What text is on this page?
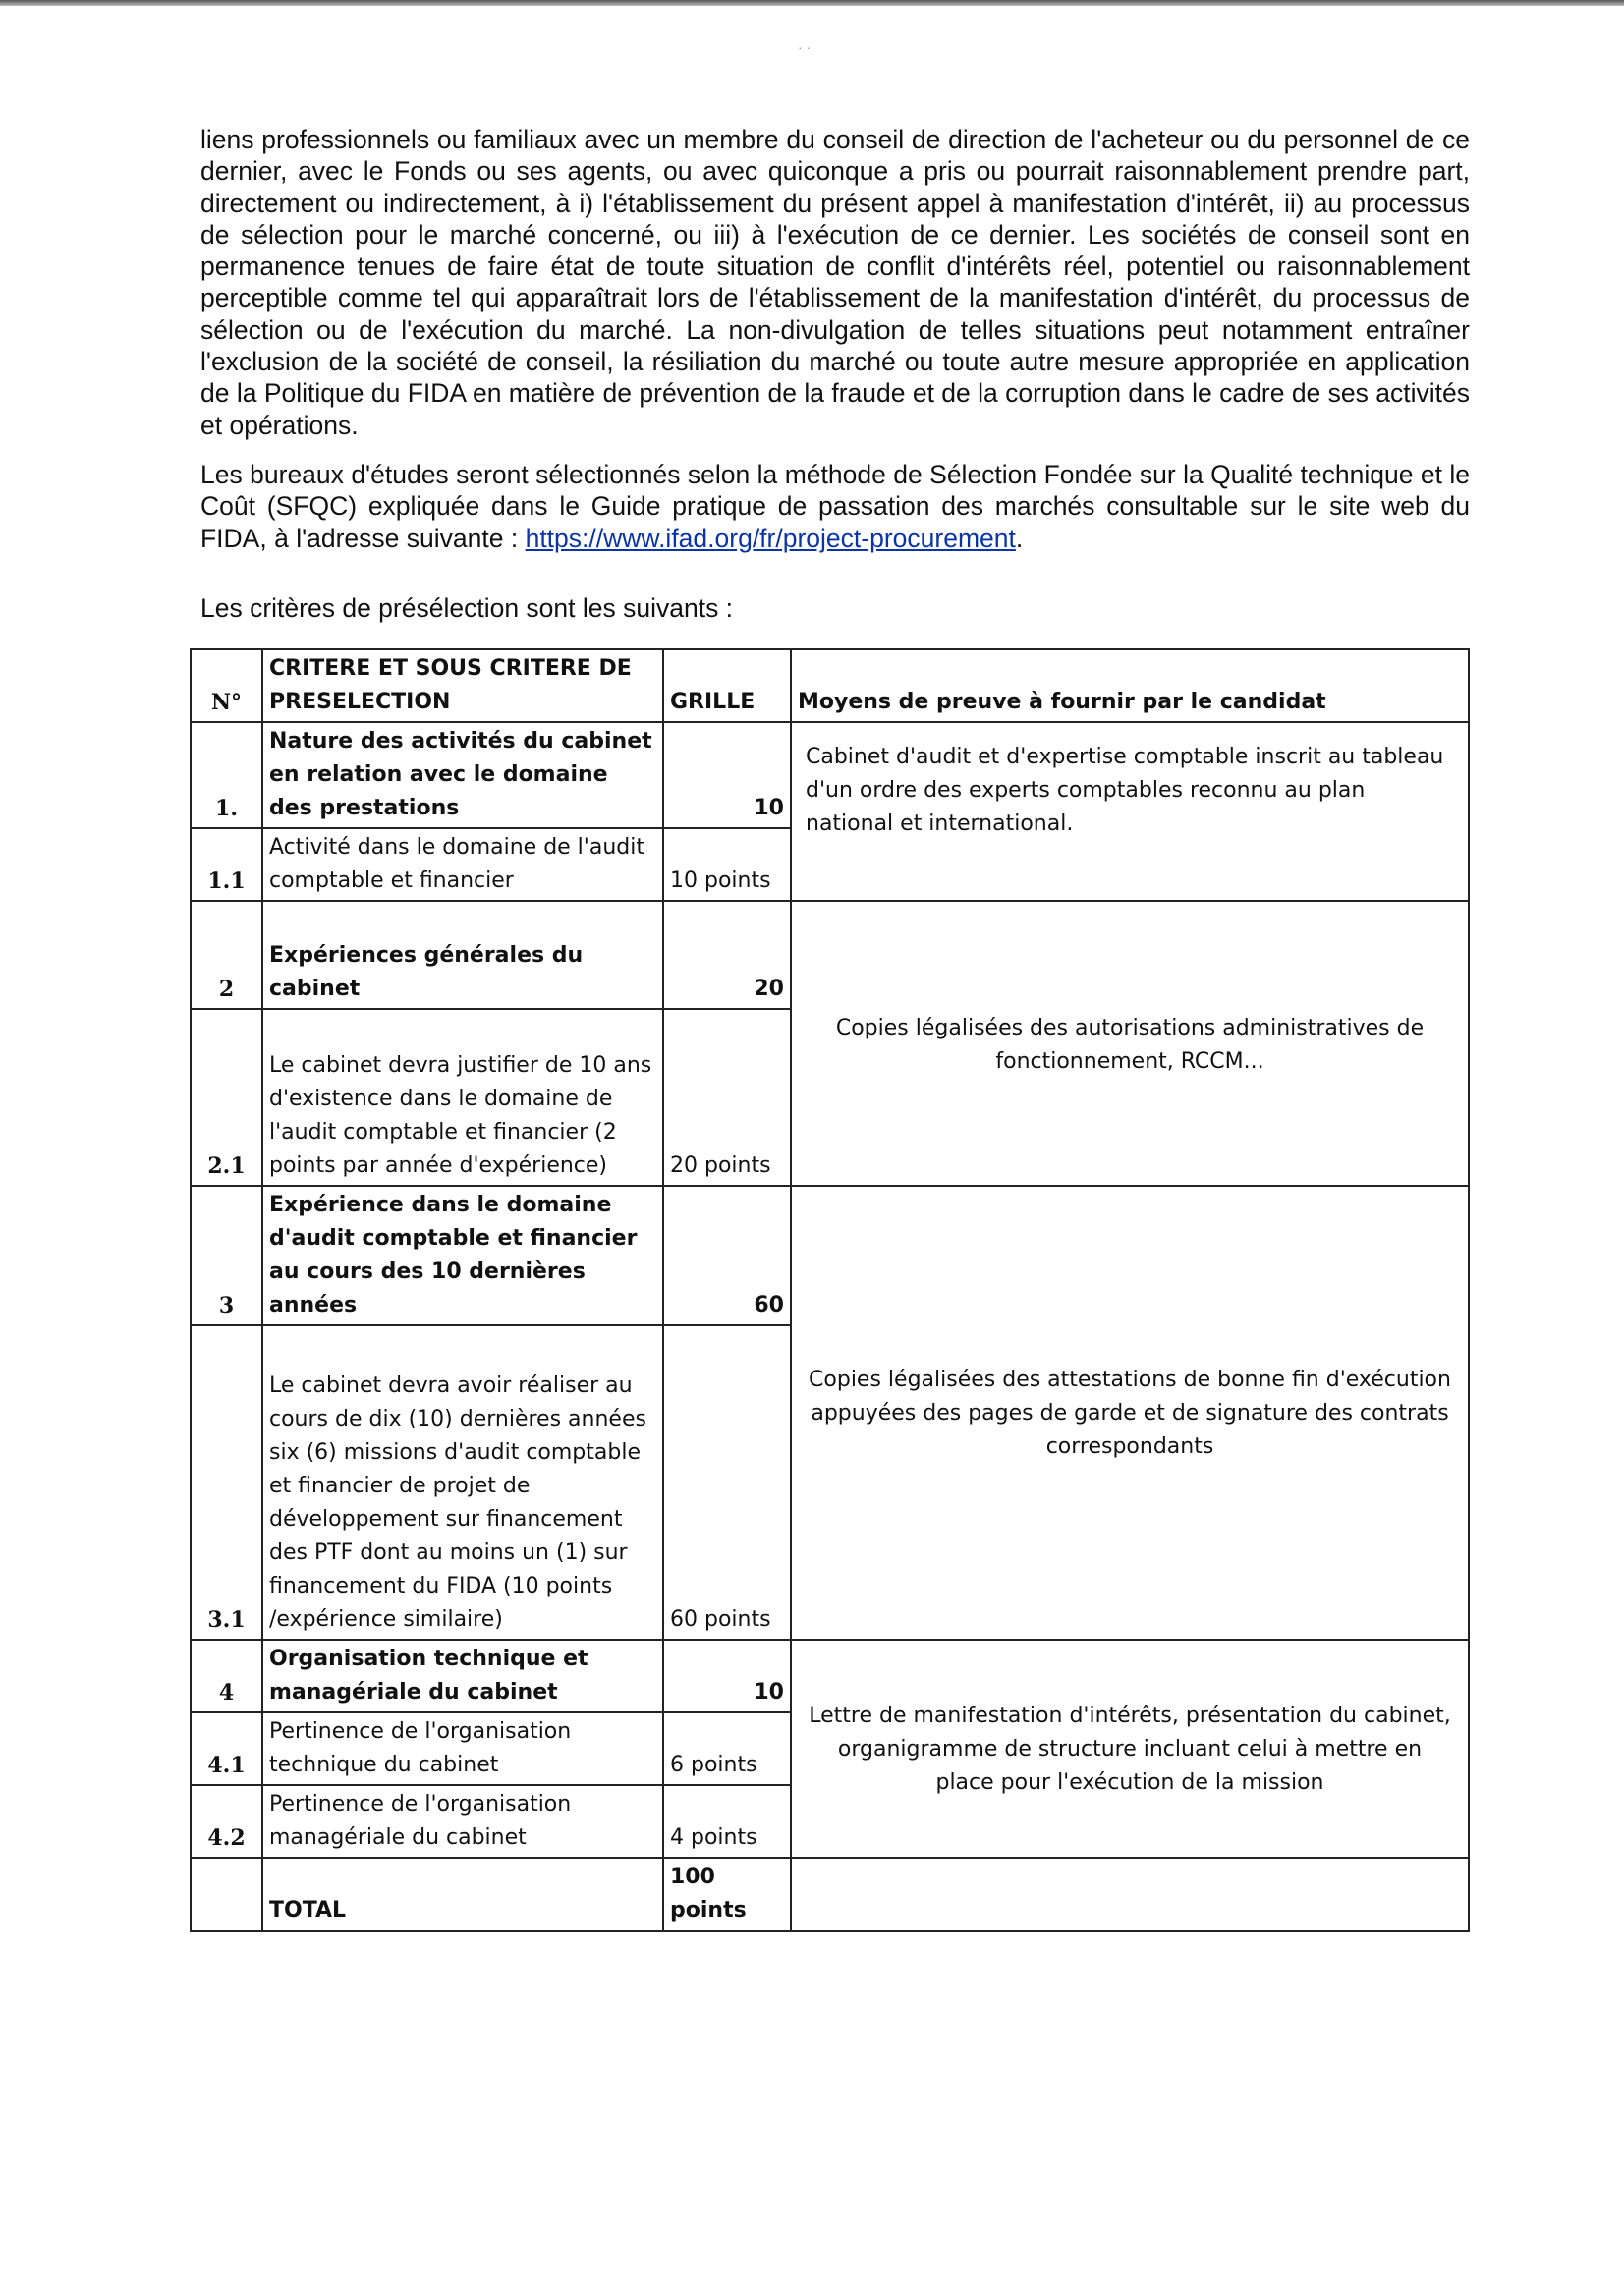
· ·

liens professionnels ou familiaux avec un membre du conseil de direction de l'acheteur ou du personnel de ce dernier, avec le Fonds ou ses agents, ou avec quiconque a pris ou pourrait raisonnablement prendre part, directement ou indirectement, à i) l'établissement du présent appel à manifestation d'intérêt, ii) au processus de sélection pour le marché concerné, ou iii) à l'exécution de ce dernier. Les sociétés de conseil sont en permanence tenues de faire état de toute situation de conflit d'intérêts réel, potentiel ou raisonnablement perceptible comme tel qui apparaîtrait lors de l'établissement de la manifestation d'intérêt, du processus de sélection ou de l'exécution du marché. La non-divulgation de telles situations peut notamment entraîner l'exclusion de la société de conseil, la résiliation du marché ou toute autre mesure appropriée en application de la Politique du FIDA en matière de prévention de la fraude et de la corruption dans le cadre de ses activités et opérations.

Les bureaux d'études seront sélectionnés selon la méthode de Sélection Fondée sur la Qualité technique et le Coût (SFQC) expliquée dans le Guide pratique de passation des marchés consultable sur le site web du FIDA, à l'adresse suivante : https://www.ifad.org/fr/project-procurement.

Les critères de présélection sont les suivants :
N°	CRITERE ET SOUS CRITERE DE PRESELECTION	GRILLE	Moyens de preuve à fournir par le candidat
1.	Nature des activités du cabinet en relation avec le domaine des prestations	10	Cabinet d'audit et d'expertise comptable inscrit au tableau d'un ordre des experts comptables reconnu au plan national et international.
1.1	Activité dans le domaine de l'audit comptable et financier	10 points	
2	Expériences générales du cabinet	20	Copies légalisées des autorisations administratives de fonctionnement, RCCM...
2.1	Le cabinet devra justifier de 10 ans d'existence dans le domaine de l'audit comptable et financier (2 points par année d'expérience)	20 points	
3	Expérience dans le domaine d'audit comptable et financier au cours des 10 dernières années	60	Copies légalisées des attestations de bonne fin d'exécution appuyées des pages de garde et de signature des contrats correspondants
3.1	Le cabinet devra avoir réaliser au cours de dix (10) dernières années six (6) missions d'audit comptable et financier de projet de développement sur financement des PTF dont au moins un (1) sur financement du FIDA (10 points /expérience similaire)	60 points	
4	Organisation technique et managériale du cabinet	10	Lettre de manifestation d'intérêts, présentation du cabinet, organigramme de structure incluant celui à mettre en place pour l'exécution de la mission
4.1	Pertinence de l'organisation technique du cabinet	6 points	
4.2	Pertinence de l'organisation managériale du cabinet	4 points	
	TOTAL	100 points	
